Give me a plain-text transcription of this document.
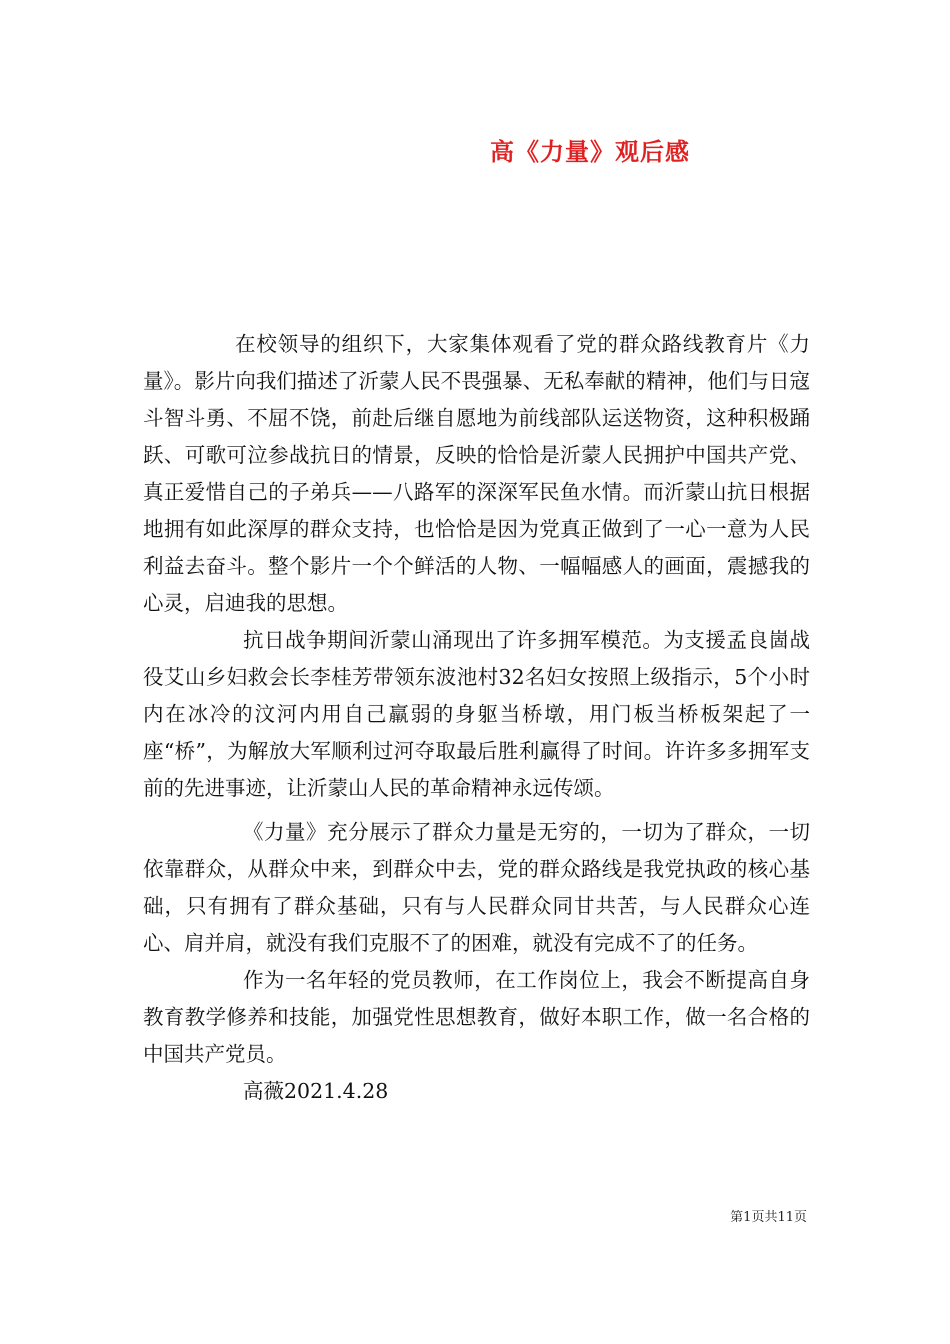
高《力量》观后感

在校领导的组织下，大家集体观看了党的群众路线教育片《力量》。影片向我们描述了沂蒙人民不畏强暴、无私奉献的精神，他们与日寇斗智斗勇、不屈不饶，前赴后继自愿地为前线部队运送物资，这种积极踊跃、可歌可泣参战抗日的情景，反映的恰恰是沂蒙人民拥护中国共产党、真正爱惜自己的子弟兵——八路军的深深军民鱼水情。而沂蒙山抗日根据地拥有如此深厚的群众支持，也恰恰是因为党真正做到了一心一意为人民利益去奋斗。整个影片一个个鲜活的人物、一幅幅感人的画面，震撼我的心灵，启迪我的思想。

抗日战争期间沂蒙山涌现出了许多拥军模范。为支援孟良崮战役艾山乡妇救会长李桂芳带领东波池村32名妇女按照上级指示，5个小时内在冰冷的汶河内用自己羸弱的身躯当桥墩，用门板当桥板架起了一座“桥”，为解放大军顺利过河夺取最后胜利赢得了时间。许许多多拥军支前的先进事迹，让沂蒙山人民的革命精神永远传颂。

《力量》充分展示了群众力量是无穷的，一切为了群众，一切依靠群众，从群众中来，到群众中去，党的群众路线是我党执政的核心基础，只有拥有了群众基础，只有与人民群众同甘共苦，与人民群众心连心、肩并肩，就没有我们克服不了的困难，就没有完成不了的任务。

作为一名年轻的党员教师，在工作岗位上，我会不断提高自身教育教学修养和技能，加强党性思想教育，做好本职工作，做一名合格的中国共产党员。

高薇2021.4.28

第1页共11页
